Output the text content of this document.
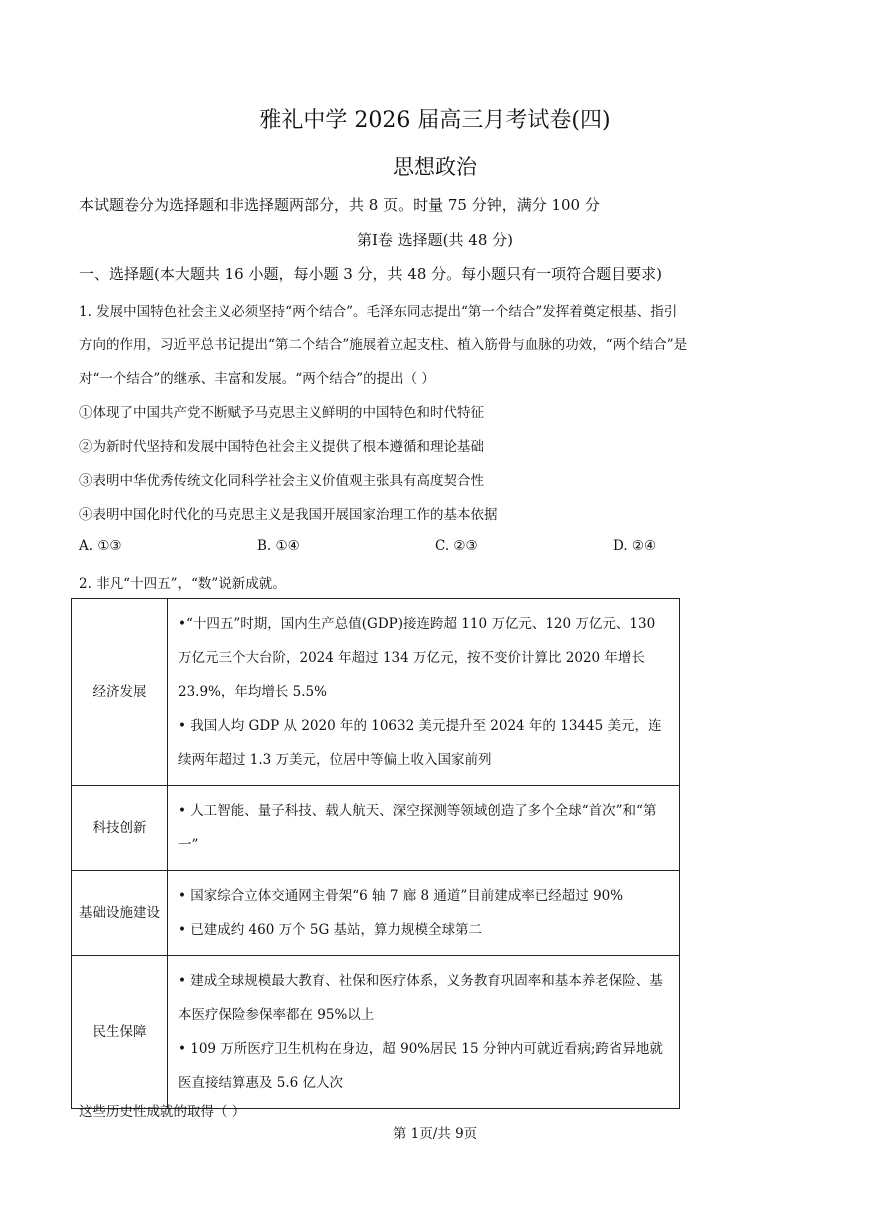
雅礼中学 2026 届高三月考试卷(四)
思想政治
本试题卷分为选择题和非选择题两部分，共 8 页。时量 75 分钟，满分 100 分
第Ⅰ卷 选择题(共 48 分)
一、选择题(本大题共 16 小题，每小题 3 分，共 48 分。每小题只有一项符合题目要求)
1. 发展中国特色社会主义必须坚持“两个结合”。毛泽东同志提出“第一个结合”发挥着奠定根基、指引
方向的作用，习近平总书记提出“第二个结合”施展着立起支柱、植入筋骨与血脉的功效，“两个结合”是
对“一个结合”的继承、丰富和发展。“两个结合”的提出（ ）
①体现了中国共产党不断赋予马克思主义鲜明的中国特色和时代特征
②为新时代坚持和发展中国特色社会主义提供了根本遵循和理论基础
③表明中华优秀传统文化同科学社会主义价值观主张具有高度契合性
④表明中国化时代化的马克思主义是我国开展国家治理工作的基本依据
A. ①③	B. ①④	C. ②③	D. ②④
2. 非凡“十四五”，“数”说新成就。
经济发展	•“十四五”时期，国内生产总值(GDP)接连跨超 110 万亿元、120 万亿元、130 万亿元三个大台阶，2024 年超过 134 万亿元，按不变价计算比 2020 年增长 23.9%，年均增长 5.5%

• 我国人均 GDP 从 2020 年的 10632 美元提升至 2024 年的 13445 美元，连续两年超过 1.3 万美元，位居中等偏上收入国家前列

科技创新	• 人工智能、量子科技、载人航天、深空探测等领域创造了多个全球“首次”和“第一”

基础设施建设	• 国家综合立体交通网主骨架“6 轴 7 廊 8 通道”目前建成率已经超过 90%

• 已建成约 460 万个 5G 基站，算力规模全球第二

民生保障	• 建成全球规模最大教育、社保和医疗体系，义务教育巩固率和基本养老保险、基本医疗保险参保率都在 95%以上

• 109 万所医疗卫生机构在身边，超 90%居民 15 分钟内可就近看病;跨省异地就医直接结算惠及 5.6 亿人次

这些历史性成就的取得（ ）
第 1页/共 9页
